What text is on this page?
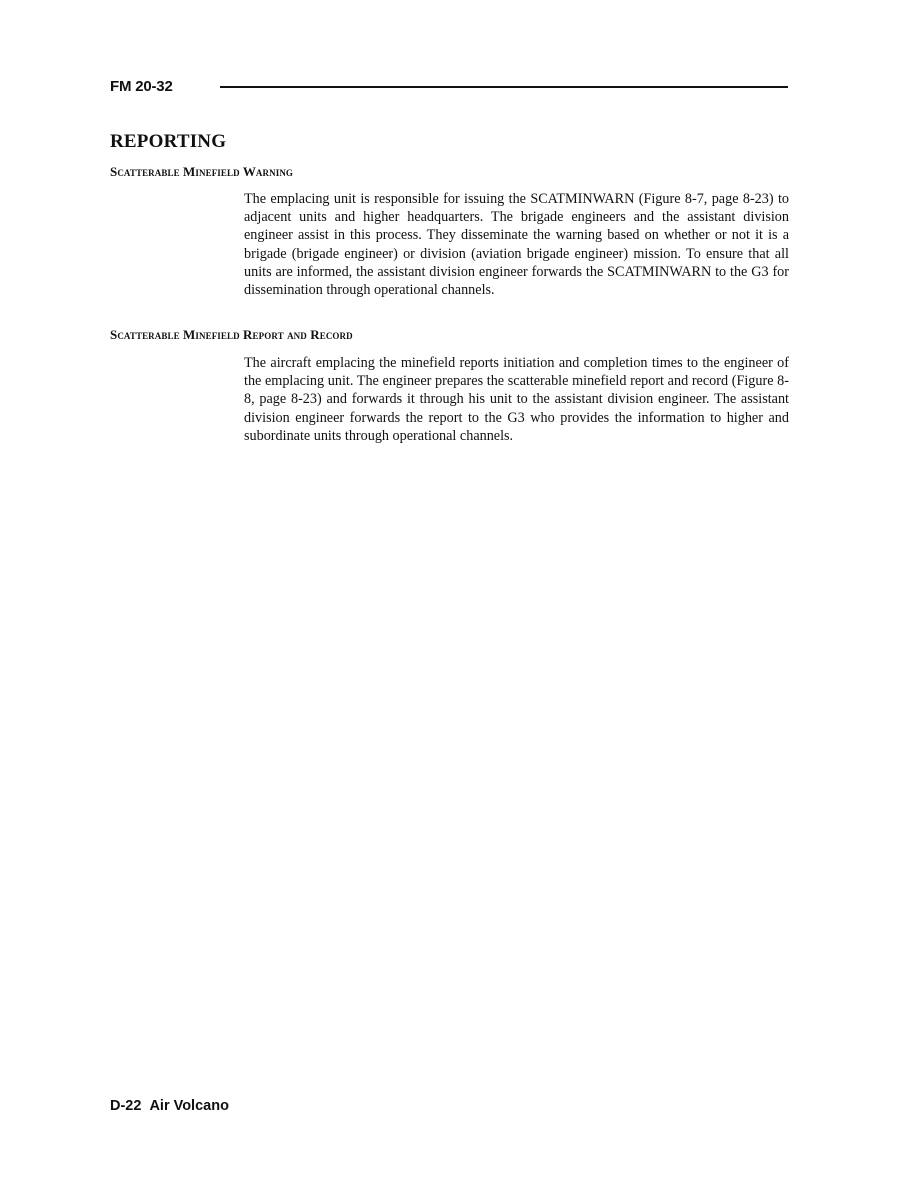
FM 20-32
REPORTING
Scatterable Minefield Warning

The emplacing unit is responsible for issuing the SCATMINWARN (Figure 8-7, page 8-23) to adjacent units and higher headquarters. The brigade engineers and the assistant division engineer assist in this process. They disseminate the warning based on whether or not it is a brigade (brigade engineer) or division (aviation brigade engineer) mission. To ensure that all units are informed, the assistant division engineer forwards the SCATMINWARN to the G3 for dissemination through operational channels.

Scatterable Minefield Report and Record

The aircraft emplacing the minefield reports initiation and completion times to the engineer of the emplacing unit. The engineer prepares the scatterable minefield report and record (Figure 8-8, page 8-23) and forwards it through his unit to the assistant division engineer. The assistant division engineer forwards the report to the G3 who provides the information to higher and subordinate units through operational channels.

D-22 Air Volcano
